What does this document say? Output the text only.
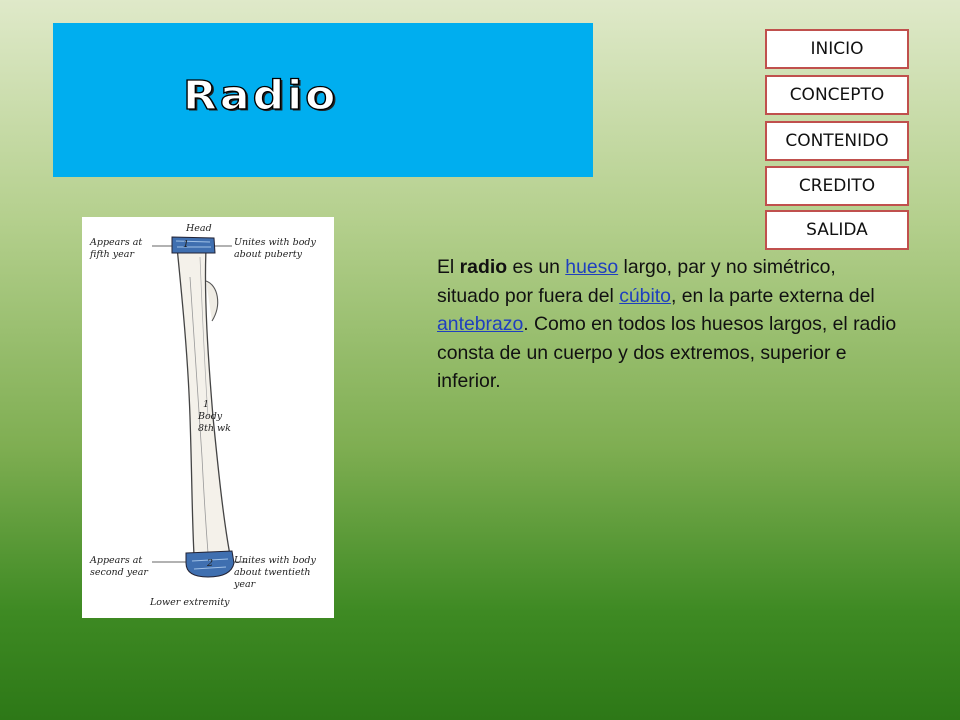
Radio
INICIO
CONCEPTO
CONTENIDO
CREDITO
SALIDA
Head
Appears at
fifth year
Unites with body
about puberty
1
1
Body
8th wk
Appears at
second year
2 Unites with body
about twentieth
year
Lower extremity
El radio es un hueso largo, par y no simétrico, situado por fuera del cúbito, en la parte externa del antebrazo. Como en todos los huesos largos, el radio consta de un cuerpo y dos extremos, superior e inferior.
